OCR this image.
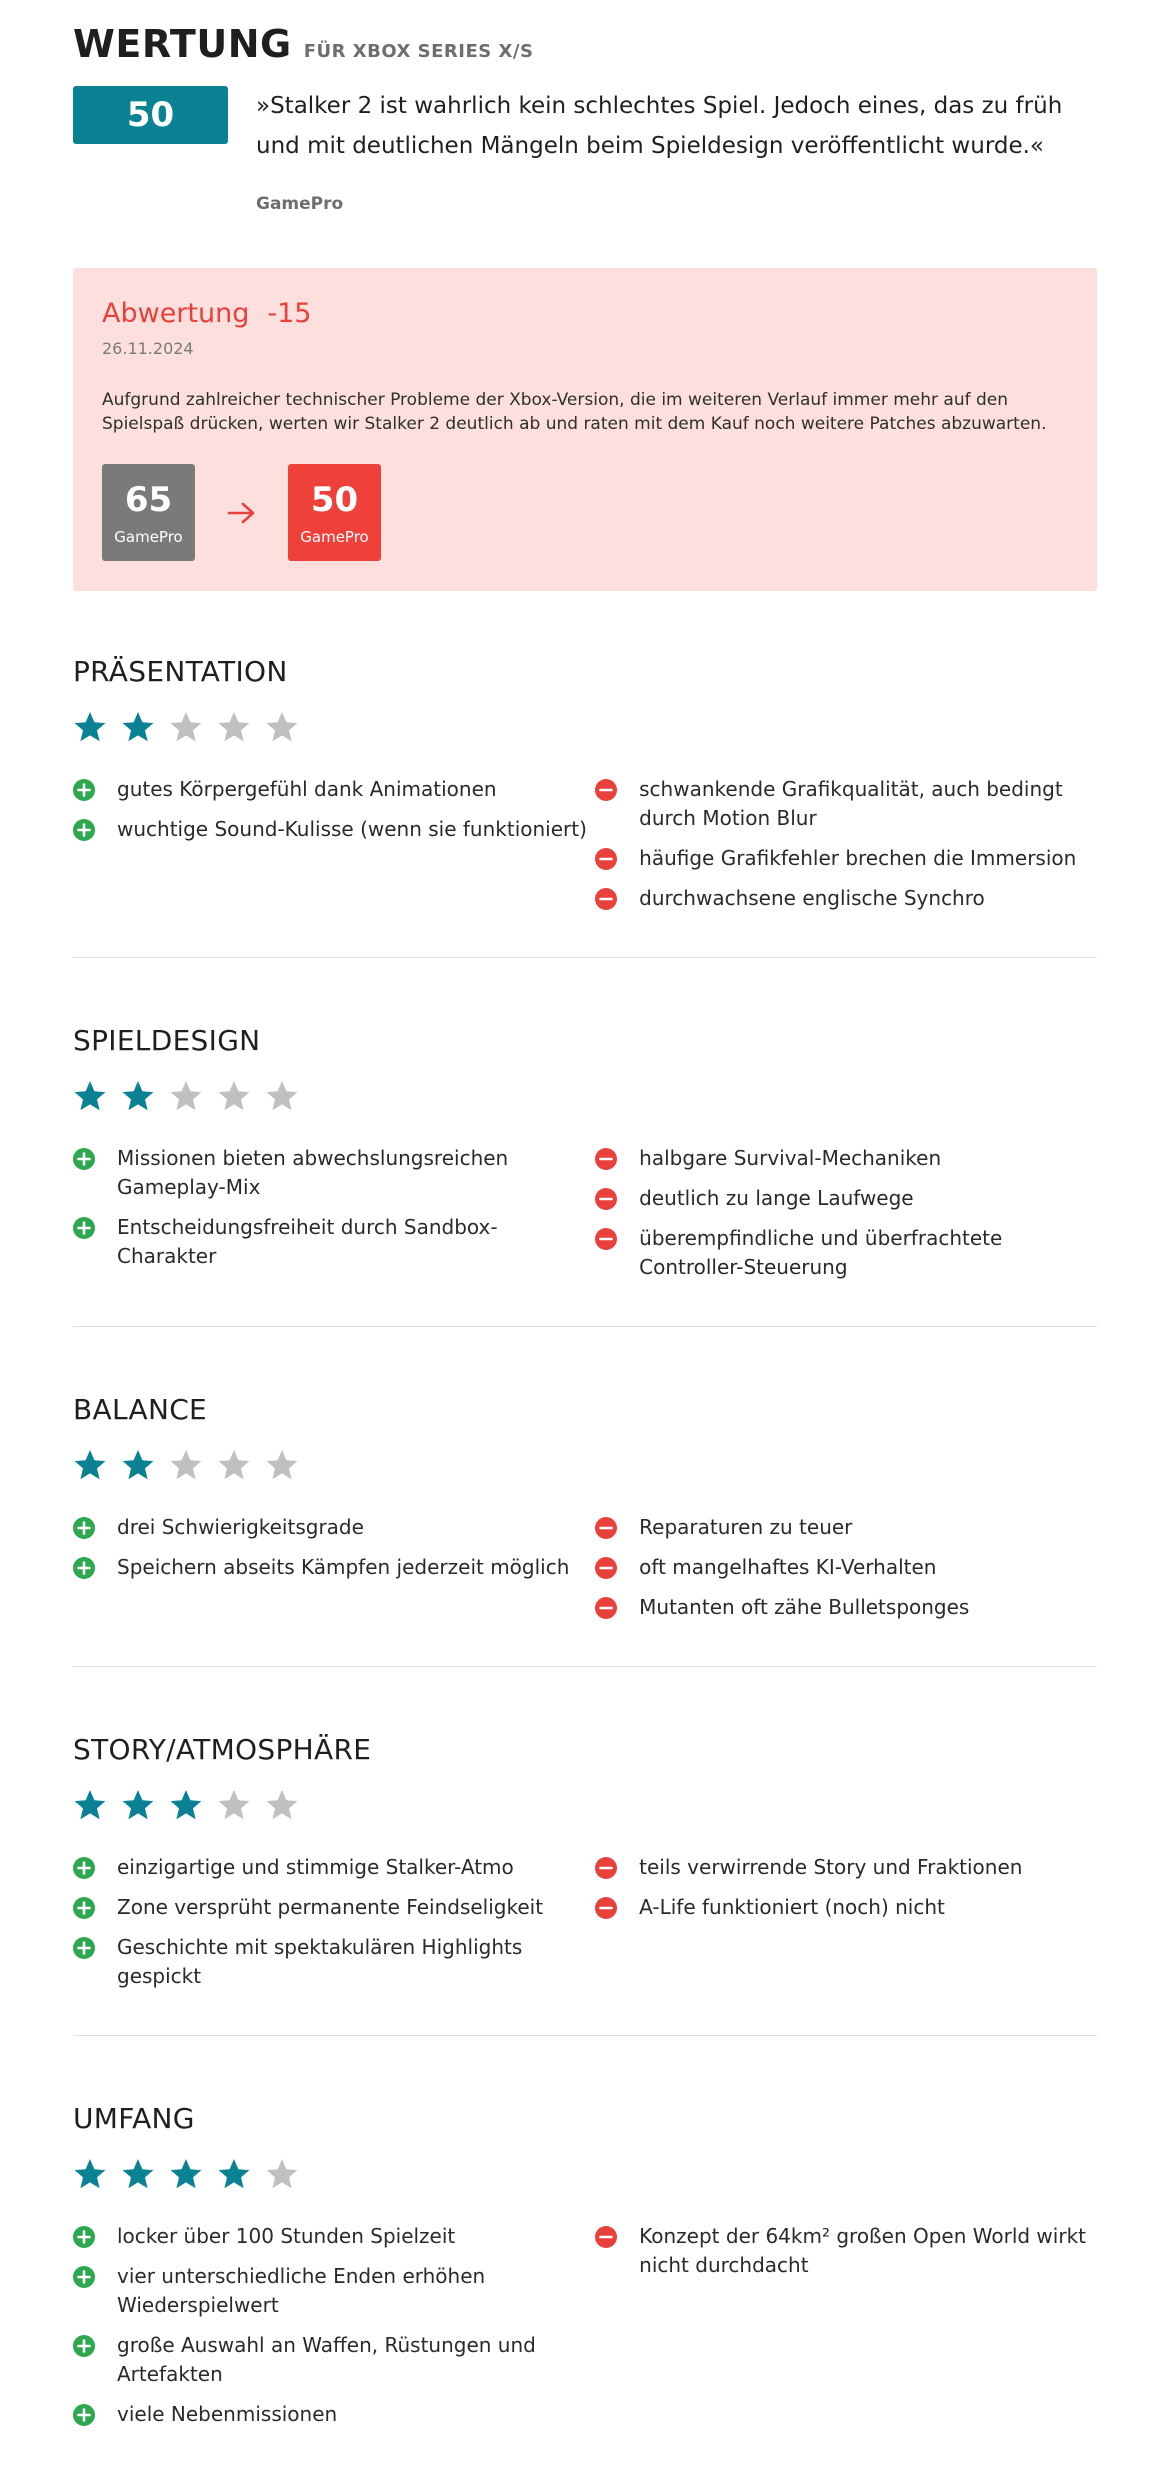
WERTUNG FÜR XBOX SERIES X/S
50	»Stalker 2 ist wahrlich kein schlechtes Spiel. Jedoch eines, das zu früh und mit deutlichen Mängeln beim Spieldesign veröffentlicht wurde.«
GamePro
Abwertung -15
26.11.2024
Aufgrund zahlreicher technischer Probleme der Xbox-Version, die im weiteren Verlauf immer mehr auf den Spielspaß drücken, werten wir Stalker 2 deutlich ab und raten mit dem Kauf noch weitere Patches abzuwarten.
65
GamePro
50
GamePro
PRÄSENTATION
gutes Körpergefühl dank Animationen
wuchtige Sound-Kulisse (wenn sie funktioniert)
schwankende Grafikqualität, auch bedingt durch Motion Blur
häufige Grafikfehler brechen die Immersion
durchwachsene englische Synchro
SPIELDESIGN
Missionen bieten abwechslungsreichen Gameplay-Mix
Entscheidungsfreiheit durch Sandbox-Charakter
halbgare Survival-Mechaniken
deutlich zu lange Laufwege
überempfindliche und überfrachtete Controller-Steuerung
BALANCE
drei Schwierigkeitsgrade
Speichern abseits Kämpfen jederzeit möglich
Reparaturen zu teuer
oft mangelhaftes KI-Verhalten
Mutanten oft zähe Bulletsponges
STORY/ATMOSPHÄRE
einzigartige und stimmige Stalker-Atmo
Zone versprüht permanente Feindseligkeit
Geschichte mit spektakulären Highlights gespickt
teils verwirrende Story und Fraktionen
A-Life funktioniert (noch) nicht
UMFANG
locker über 100 Stunden Spielzeit
vier unterschiedliche Enden erhöhen Wiederspielwert
große Auswahl an Waffen, Rüstungen und Artefakten
viele Nebenmissionen
Konzept der 64km² großen Open World wirkt nicht durchdacht
